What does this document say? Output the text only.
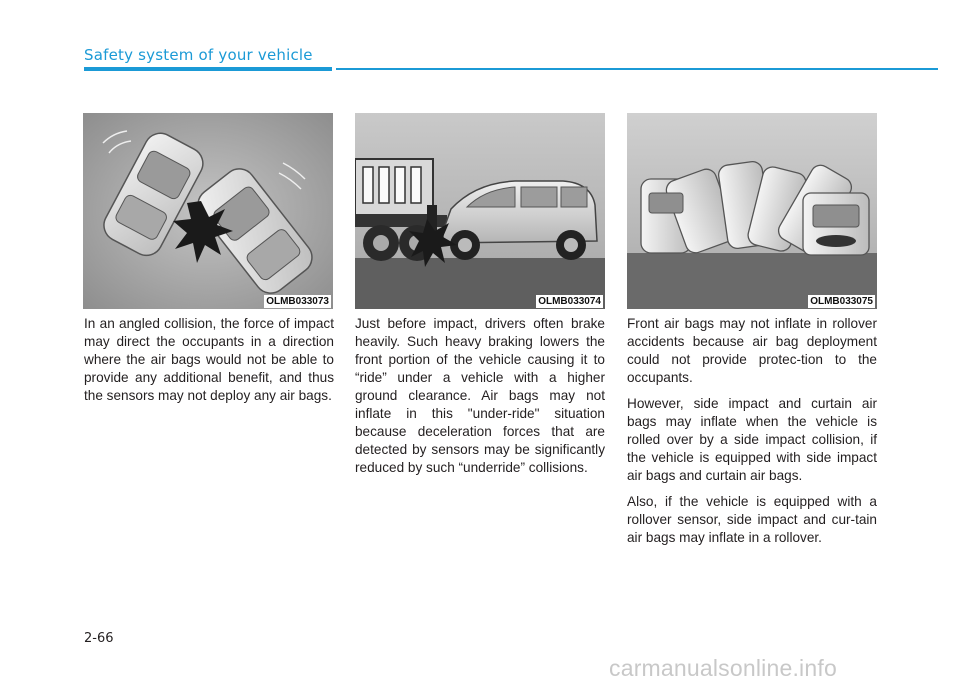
Safety system of your vehicle
OLMB033073	OLMB033074	OLMB033075

In an angled collision, the force of impact may direct the occupants in a direction where the air bags would not be able to provide any additional benefit, and thus the sensors may not deploy any air bags.

Just before impact, drivers often brake heavily. Such heavy braking lowers the front portion of the vehicle causing it to “ride” under a vehicle with a higher ground clearance. Air bags may not inflate in this "under-ride" situation because deceleration forces that are detected by sensors may be significantly reduced by such “underride” collisions.

Front air bags may not inflate in rollover accidents because air bag deployment could not provide protec-tion to the occupants.

However, side impact and curtain air bags may inflate when the vehicle is rolled over by a side impact collision, if the vehicle is equipped with side impact air bags and curtain air bags.

Also, if the vehicle is equipped with a rollover sensor, side impact and cur-tain air bags may inflate in a rollover.

2-66
carmanualsonline.info
